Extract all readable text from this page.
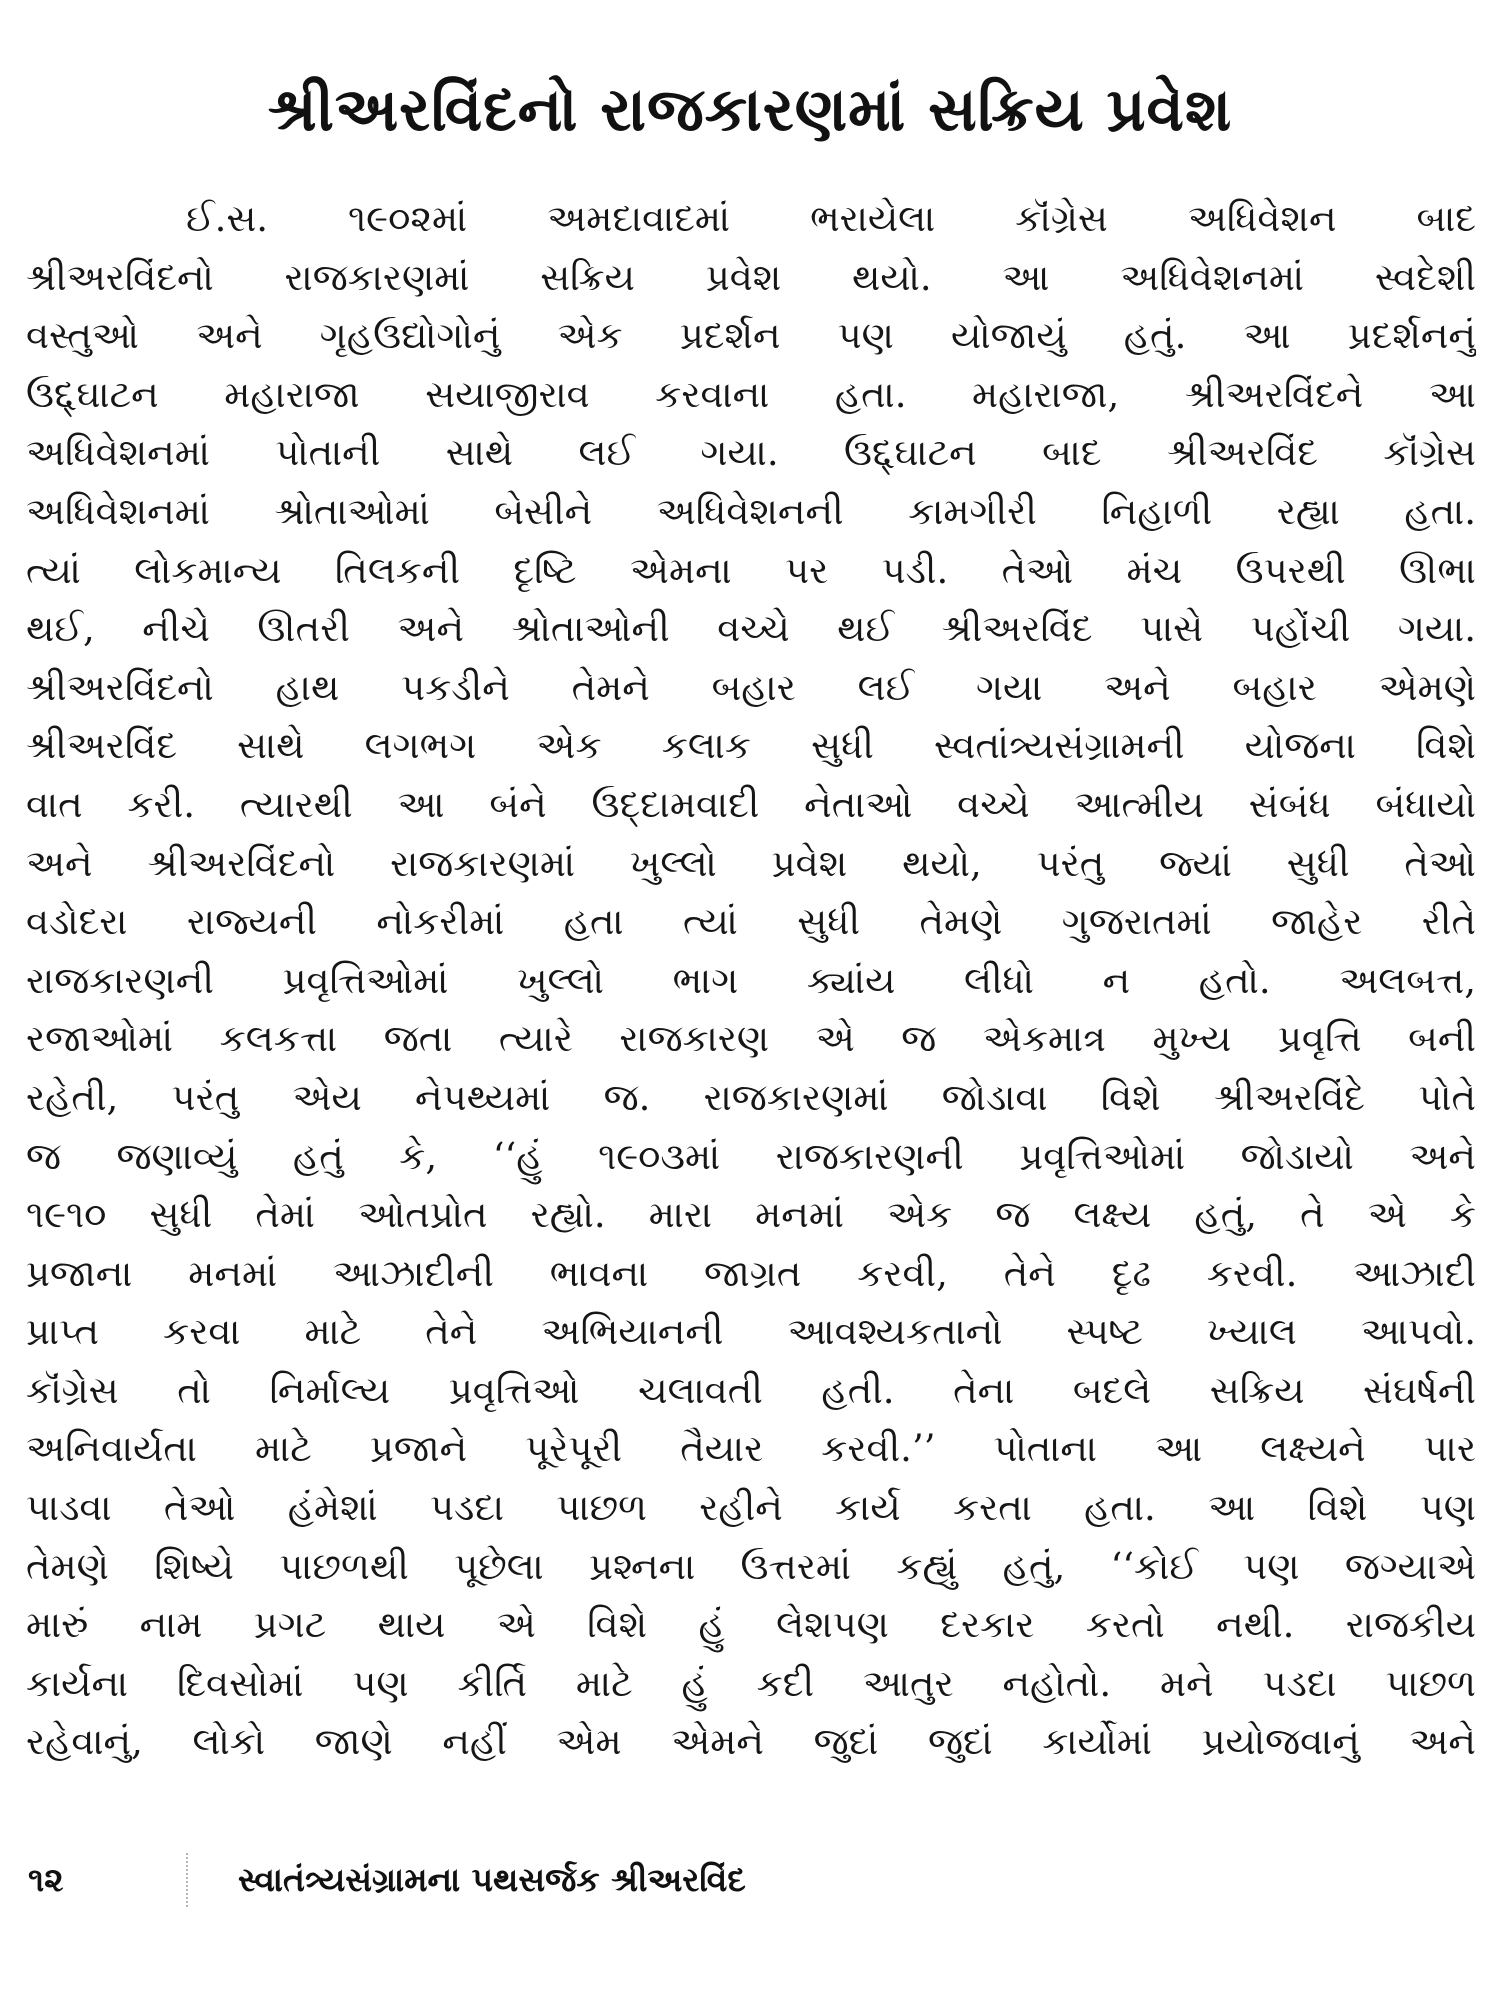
શ્રીઅરવિંદનો રાજકારણમાં સક્રિય પ્રવેશ
ઈ.સ. ૧૯૦૨માં અમદાવાદમાં ભરાયેલા કૉંગ્રેસ અધિવેશન બાદ
શ્રીઅરવિંદનો રાજકારણમાં સક્રિય પ્રવેશ થયો. આ અધિવેશનમાં સ્વદેશી
વસ્તુઓ અને ગૃહઉદ્યોગોનું એક પ્રદર્શન પણ યોજાયું હતું. આ પ્રદર્શનનું
ઉદ્દ્ઘાટન મહારાજા સયાજીરાવ કરવાના હતા. મહારાજા, શ્રીઅરવિંદને આ
અધિવેશનમાં પોતાની સાથે લઈ ગયા. ઉદ્દ્ઘાટન બાદ શ્રીઅરવિંદ કૉંગ્રેસ
અધિવેશનમાં શ્રોતાઓમાં બેસીને અધિવેશનની કામગીરી નિહાળી રહ્યા હતા.
ત્યાં લોકમાન્ય તિલકની દૃષ્ટિ એમના પર પડી. તેઓ મંચ ઉપરથી ઊભા
થઈ, નીચે ઊતરી અને શ્રોતાઓની વચ્ચે થઈ શ્રીઅરવિંદ પાસે પહોંચી ગયા.
શ્રીઅરવિંદનો હાથ પકડીને તેમને બહાર લઈ ગયા અને બહાર એમણે
શ્રીઅરવિંદ સાથે લગભગ એક કલાક સુધી સ્વતાંત્ર્યસંગ્રામની યોજના વિશે
વાત કરી. ત્યારથી આ બંને ઉદ્દામવાદી નેતાઓ વચ્ચે આત્મીય સંબંધ બંધાયો
અને શ્રીઅરવિંદનો રાજકારણમાં ખુલ્લો પ્રવેશ થયો, પરંતુ જ્યાં સુધી તેઓ
વડોદરા રાજ્યની નોકરીમાં હતા ત્યાં સુધી તેમણે ગુજરાતમાં જાહેર રીતે
રાજકારણની પ્રવૃત્તિઓમાં ખુલ્લો ભાગ ક્યાંય લીધો ન હતો. અલબત્ત,
રજાઓમાં કલકત્તા જતા ત્યારે રાજકારણ એ જ એકમાત્ર મુખ્ય પ્રવૃત્તિ બની
રહેતી, પરંતુ એય નેપથ્યમાં જ. રાજકારણમાં જોડાવા વિશે શ્રીઅરવિંદે પોતે
જ જણાવ્યું હતું કે, ‘‘હું ૧૯૦૩માં રાજકારણની પ્રવૃત્તિઓમાં જોડાયો અને
૧૯૧૦ સુધી તેમાં ઓતપ્રોત રહ્યો. મારા મનમાં એક જ લક્ષ્ય હતું, તે એ કે
પ્રજાના મનમાં આઝાદીની ભાવના જાગ્રત કરવી, તેને દૃઢ કરવી. આઝાદી
પ્રાપ્ત કરવા માટે તેને અભિયાનની આવશ્યકતાનો સ્પષ્ટ ખ્યાલ આપવો.
કૉંગ્રેસ તો નિર્માલ્ય પ્રવૃત્તિઓ ચલાવતી હતી. તેના બદલે સક્રિય સંઘર્ષની
અનિવાર્યતા માટે પ્રજાને પૂરેપૂરી તૈયાર કરવી.’’ પોતાના આ લક્ષ્યને પાર
પાડવા તેઓ હંમેશાં પડદા પાછળ રહીને કાર્ય કરતા હતા. આ વિશે પણ
તેમણે શિષ્યે પાછળથી પૂછેલા પ્રશ્નના ઉત્તરમાં કહ્યું હતું, ‘‘કોઈ પણ જગ્યાએ
મારું નામ પ્રગટ થાય એ વિશે હું લેશપણ દરકાર કરતો નથી. રાજકીય
કાર્યના દિવસોમાં પણ કીર્તિ માટે હું કદી આતુર નહોતો. મને પડદા પાછળ
રહેવાનું, લોકો જાણે નહીં એમ એમને જુદાં જુદાં કાર્યોમાં પ્રયોજવાનું અને
૧૨	સ્વાતંત્ર્યસંગ્રામના પથસર્જક શ્રીઅરવિંદ
